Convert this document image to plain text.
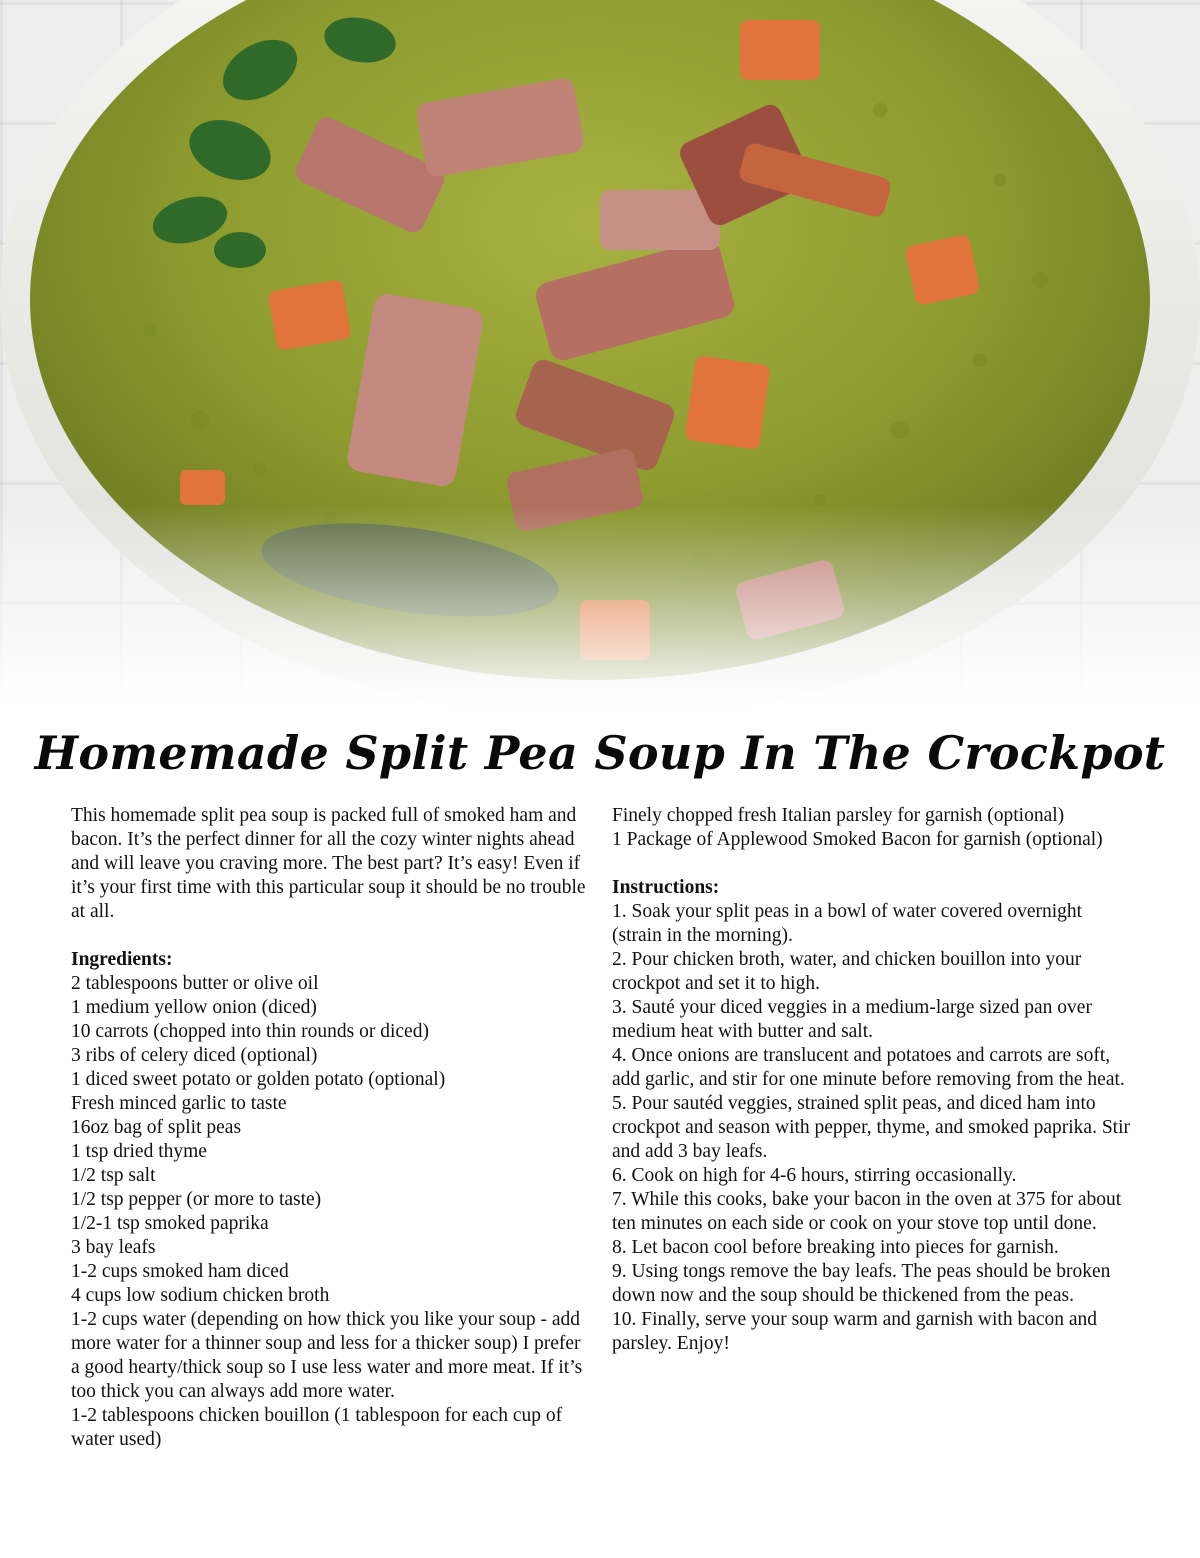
Homemade Split Pea Soup In The Crockpot

This homemade split pea soup is packed full of smoked ham and bacon. It’s the perfect dinner for all the cozy winter nights ahead and will leave you craving more. The best part? It’s easy! Even if it’s your first time with this particular soup it should be no trouble at all.

Ingredients:
2 tablespoons butter or olive oil
1 medium yellow onion (diced)
10 carrots (chopped into thin rounds or diced)
3 ribs of celery diced (optional)
1 diced sweet potato or golden potato (optional)
Fresh minced garlic to taste
16oz bag of split peas
1 tsp dried thyme
1/2 tsp salt
1/2 tsp pepper (or more to taste)
1/2-1 tsp smoked paprika
3 bay leafs
1-2 cups smoked ham diced
4 cups low sodium chicken broth
1-2 cups water (depending on how thick you like your soup - add more water for a thinner soup and less for a thicker soup) I prefer a good hearty/thick soup so I use less water and more meat. If it’s too thick you can always add more water.
1-2 tablespoons chicken bouillon (1 tablespoon for each cup of water used)
Finely chopped fresh Italian parsley for garnish (optional)
1 Package of Applewood Smoked Bacon for garnish (optional)
Instructions:
1. Soak your split peas in a bowl of water covered overnight (strain in the morning).
2. Pour chicken broth, water, and chicken bouillon into your crockpot and set it to high.
3. Sauté your diced veggies in a medium-large sized pan over medium heat with butter and salt.
4. Once onions are translucent and potatoes and carrots are soft, add garlic, and stir for one minute before removing from the heat.
5. Pour sautéd veggies, strained split peas, and diced ham into crockpot and season with pepper, thyme, and smoked paprika. Stir and add 3 bay leafs.
6. Cook on high for 4-6 hours, stirring occasionally.
7. While this cooks, bake your bacon in the oven at 375 for about ten minutes on each side or cook on your stove top until done.
8. Let bacon cool before breaking into pieces for garnish.
9. Using tongs remove the bay leafs. The peas should be broken down now and the soup should be thickened from the peas.
10. Finally, serve your soup warm and garnish with bacon and parsley. Enjoy!
